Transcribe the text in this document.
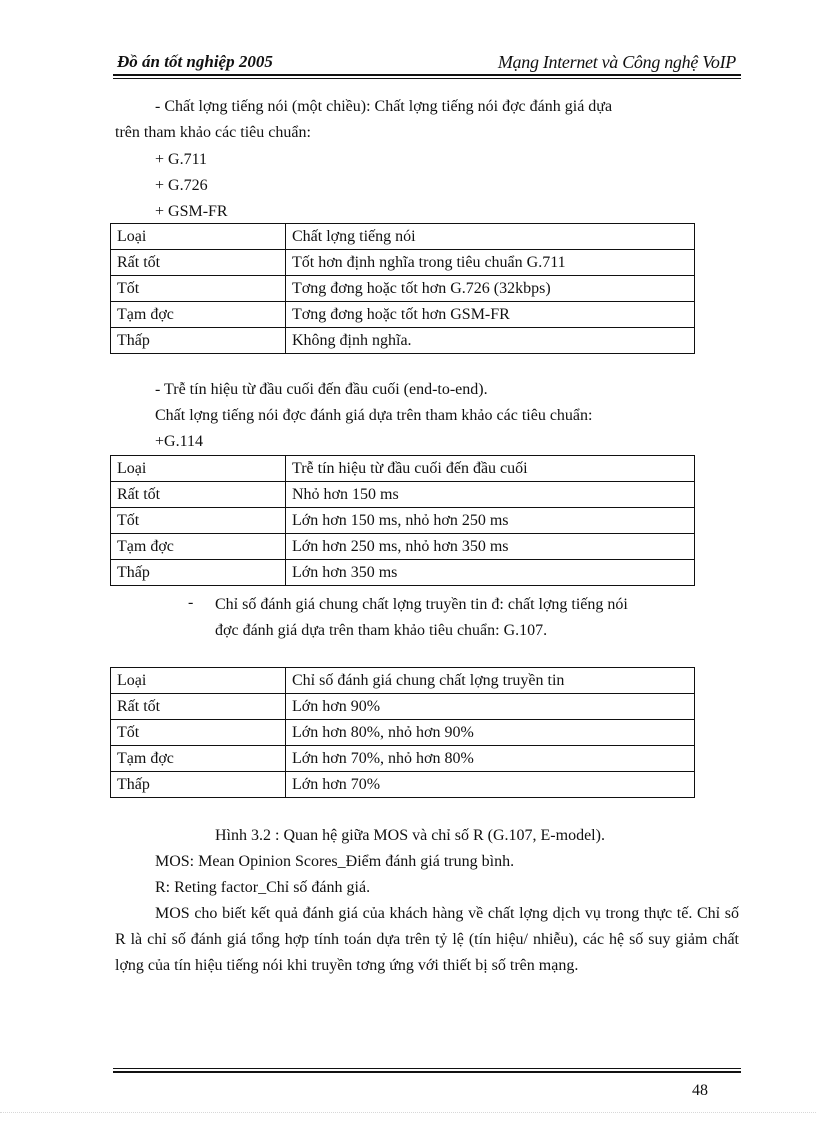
Đồ án tốt nghiệp 2005	Mạng Internet và Công nghệ VoIP
- Chất lợng tiếng nói (một chiều): Chất lợng tiếng nói đợc đánh giá dựa
trên tham khảo các tiêu chuẩn:
+ G.711
+ G.726
+ GSM-FR
Loại	Chất lợng tiếng nói
Rất tốt	Tốt hơn định nghĩa trong tiêu chuẩn G.711
Tốt	Tơng đơng hoặc tốt hơn G.726 (32kbps)
Tạm đợc	Tơng đơng hoặc tốt hơn GSM-FR
Thấp	Không định nghĩa.
- Trễ tín hiệu từ đầu cuối đến đầu cuối (end-to-end).
Chất lợng tiếng nói đợc đánh giá dựa trên tham khảo các tiêu chuẩn:
+G.114
Loại	Trễ tín hiệu từ đầu cuối đến đầu cuối
Rất tốt	Nhỏ hơn 150 ms
Tốt	Lớn hơn 150 ms, nhỏ hơn 250 ms
Tạm đợc	Lớn hơn 250 ms, nhỏ hơn 350 ms
Thấp	Lớn hơn 350 ms
- Chỉ số đánh giá chung chất lợng truyền tin đ: chất lợng tiếng nói
đợc đánh giá dựa trên tham khảo tiêu chuẩn: G.107.
Loại	Chỉ số đánh giá chung chất lợng truyền tin
Rất tốt	Lớn hơn 90%
Tốt	Lớn hơn 80%, nhỏ hơn 90%
Tạm đợc	Lớn hơn 70%, nhỏ hơn 80%
Thấp	Lớn hơn 70%
Hình 3.2 : Quan hệ giữa MOS và chỉ số R (G.107, E-model).
MOS: Mean Opinion Scores_Điểm đánh giá trung bình.
R: Reting factor_Chỉ số đánh giá.
MOS cho biết kết quả đánh giá của khách hàng về chất lợng dịch vụ trong thực tế. Chỉ số R là chỉ số đánh giá tổng hợp tính toán dựa trên tỷ lệ (tín hiệu/ nhiễu), các hệ số suy giảm chất lợng của tín hiệu tiếng nói khi truyền tơng ứng với thiết bị số trên mạng.
48
